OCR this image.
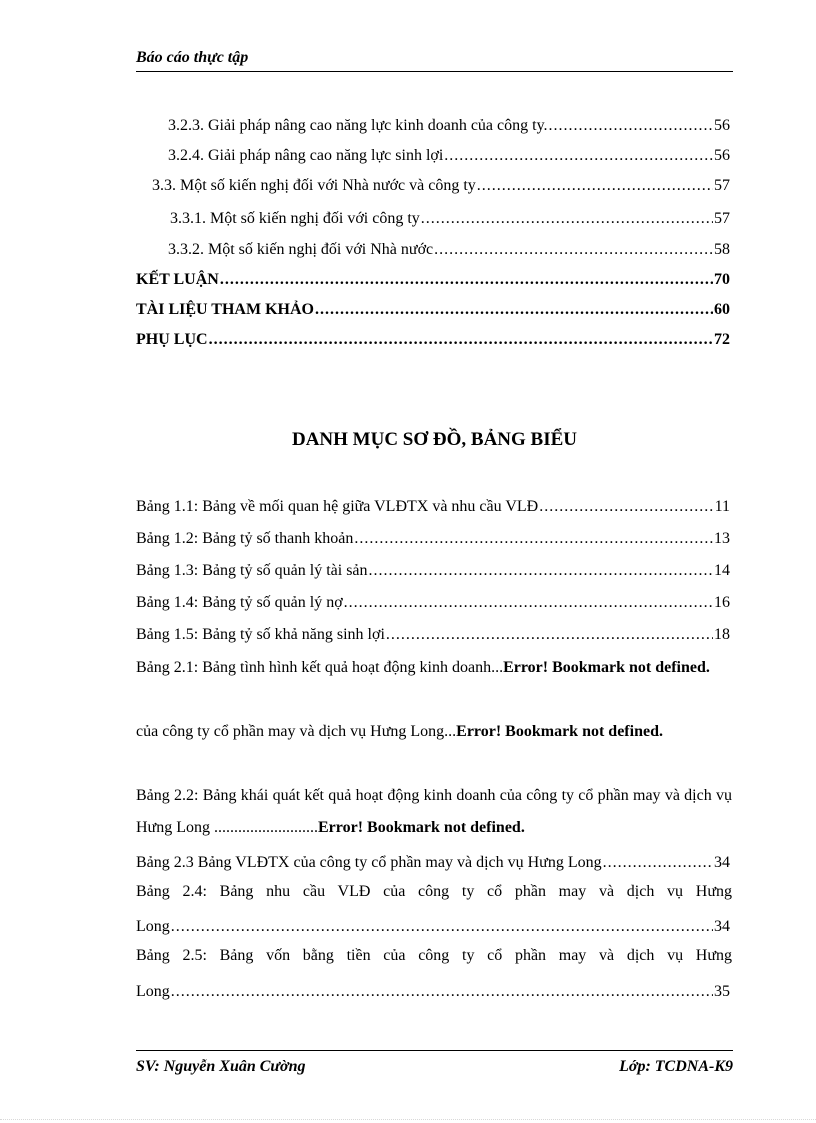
Báo cáo thực tập
3.2.3. Giải pháp nâng cao năng lực kinh doanh của công ty. .....	56
3.2.4. Giải pháp nâng cao năng lực sinh lợi .....	56
3.3. Một số kiến nghị đối với Nhà nước và công ty .....	57
3.3.1. Một số kiến nghị đối với công ty .....	57
3.3.2. Một số kiến nghị đối với Nhà nước .....	58
KẾT LUẬN .....	70
TÀI LIỆU THAM KHẢO .....	60
PHỤ LỤC .....	72
DANH MỤC SƠ ĐỒ, BẢNG BIỂU
Bảng 1.1: Bảng về mối quan hệ giữa VLĐTX và nhu cầu VLĐ .....	11
Bảng 1.2: Bảng tỷ số thanh khoản .....	13
Bảng 1.3: Bảng tỷ số quản lý tài sản .....	14
Bảng 1.4: Bảng tỷ số quản lý nợ .....	16
Bảng 1.5: Bảng tỷ số khả năng sinh lợi .....	18
Bảng 2.1: Bảng tình hình kết quả hoạt động kinh doanh...Error! Bookmark not defined.
của công ty cổ phần may và dịch vụ Hưng Long...Error! Bookmark not defined.
Bảng 2.2: Bảng khái quát kết quả hoạt động kinh doanh của công ty cổ phần may và dịch vụ Hưng Long ..........................Error! Bookmark not defined.
Bảng 2.3 Bảng VLĐTX của công ty cổ phần may và dịch vụ Hưng Long .....	34
Bảng 2.4: Bảng nhu cầu VLĐ của công ty cổ phần may và dịch vụ Hưng
Long .....	34
Bảng 2.5: Bảng vốn bằng tiền của công ty cổ phần may và dịch vụ Hưng
Long .....	35
SV: Nguyễn Xuân Cường	Lớp: TCDNA-K9
